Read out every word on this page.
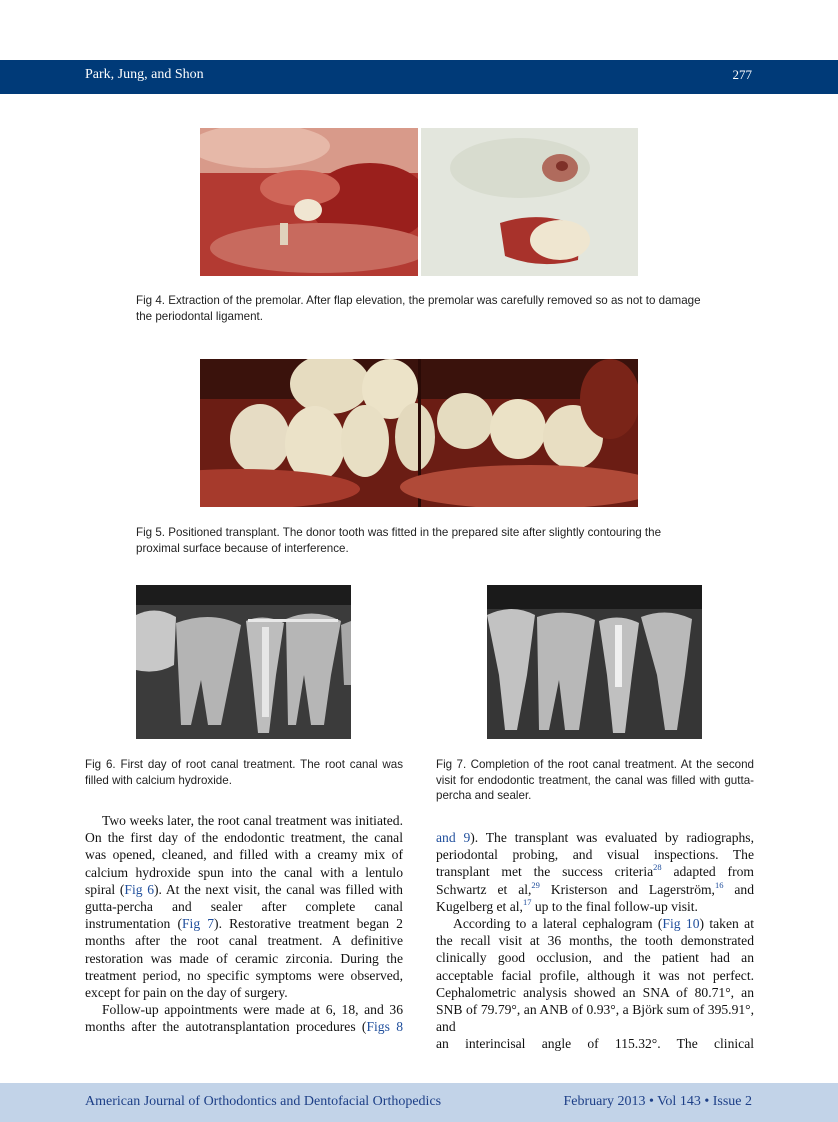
Park, Jung, and Shon	277
Fig 4. Extraction of the premolar. After flap elevation, the premolar was carefully removed so as not to damage the periodontal ligament.
Fig 5. Positioned transplant. The donor tooth was fitted in the prepared site after slightly contouring the proximal surface because of interference.
Fig 6. First day of root canal treatment. The root canal was filled with calcium hydroxide.
Fig 7. Completion of the root canal treatment. At the second visit for endodontic treatment, the canal was filled with gutta-percha and sealer.

Two weeks later, the root canal treatment was initiated. On the first day of the endodontic treatment, the canal was opened, cleaned, and filled with a creamy mix of calcium hydroxide spun into the canal with a lentulo spiral (Fig 6). At the next visit, the canal was filled with gutta-percha and sealer after complete canal instrumentation (Fig 7). Restorative treatment began 2 months after the root canal treatment. A definitive restoration was made of ceramic zirconia. During the treatment period, no specific symptoms were observed, except for pain on the day of surgery.

Follow-up appointments were made at 6, 18, and 36 months after the autotransplantation procedures (Figs 8

and 9). The transplant was evaluated by radiographs, periodontal probing, and visual inspections. The transplant met the success criteria$^{28}$ adapted from Schwartz et al,$^{29}$ Kristerson and Lagerström,$^{16}$ and Kugelberg et al,$^{17}$ up to the final follow-up visit.

According to a lateral cephalogram (Fig 10) taken at the recall visit at 36 months, the tooth demonstrated clinically good occlusion, and the patient had an acceptable facial profile, although it was not perfect. Cephalometric analysis showed an SNA of 80.71°, an SNB of 79.79°, an ANB of 0.93°, a Björk sum of 395.91°, and

an interincisal angle of 115.32°. The clinical

American Journal of Orthodontics and Dentofacial Orthopedics	February 2013 • Vol 143 • Issue 2
